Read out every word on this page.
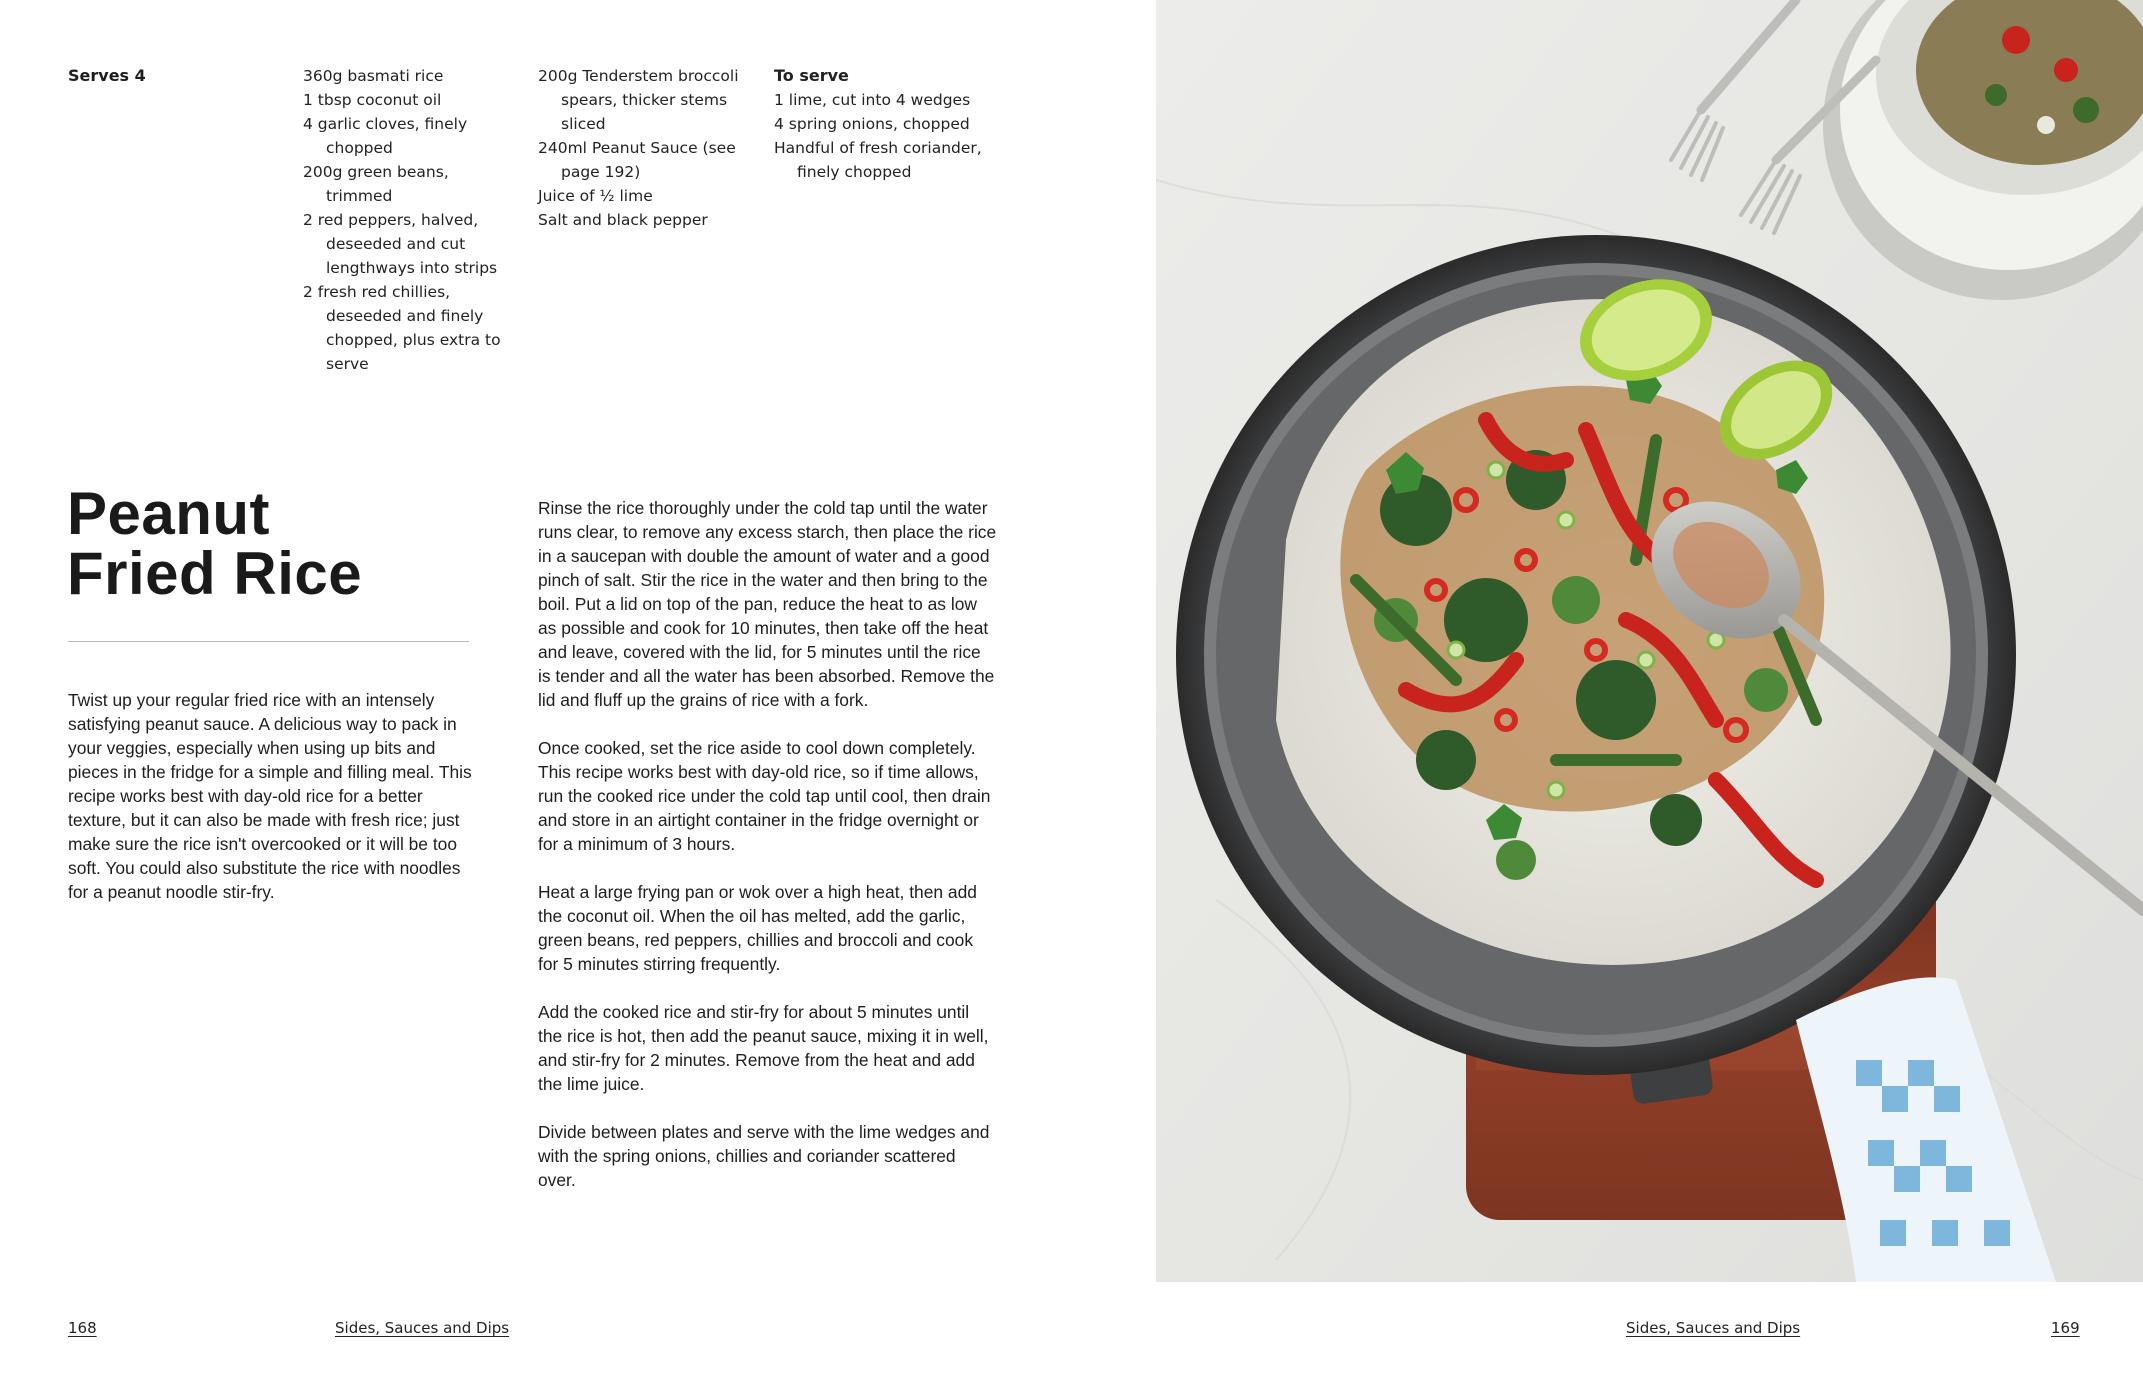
Serves 4	360g basmati rice
1 tbsp coconut oil
4 garlic cloves, finely chopped
200g green beans, trimmed
2 red peppers, halved, deseeded and cut lengthways into strips
2 fresh red chillies, deseeded and finely chopped, plus extra to serve
200g Tenderstem broccoli spears, thicker stems sliced
240ml Peanut Sauce (see page 192)
Juice of ½ lime
Salt and black pepper
To serve
1 lime, cut into 4 wedges
4 spring onions, chopped
Handful of fresh coriander, finely chopped
Peanut
Fried Rice

Twist up your regular fried rice with an intensely satisfying peanut sauce. A delicious way to pack in your veggies, especially when using up bits and pieces in the fridge for a simple and filling meal. This recipe works best with day-old rice for a better texture, but it can also be made with fresh rice; just make sure the rice isn't overcooked or it will be too soft. You could also substitute the rice with noodles for a peanut noodle stir-fry.

Rinse the rice thoroughly under the cold tap until the water runs clear, to remove any excess starch, then place the rice in a saucepan with double the amount of water and a good pinch of salt. Stir the rice in the water and then bring to the boil. Put a lid on top of the pan, reduce the heat to as low as possible and cook for 10 minutes, then take off the heat and leave, covered with the lid, for 5 minutes until the rice is tender and all the water has been absorbed. Remove the lid and fluff up the grains of rice with a fork.

Once cooked, set the rice aside to cool down completely. This recipe works best with day-old rice, so if time allows, run the cooked rice under the cold tap until cool, then drain and store in an airtight container in the fridge overnight or for a minimum of 3 hours.

Heat a large frying pan or wok over a high heat, then add the coconut oil. When the oil has melted, add the garlic, green beans, red peppers, chillies and broccoli and cook for 5 minutes stirring frequently.

Add the cooked rice and stir-fry for about 5 minutes until the rice is hot, then add the peanut sauce, mixing it in well, and stir-fry for 2 minutes. Remove from the heat and add the lime juice.

Divide between plates and serve with the lime wedges and with the spring onions, chillies and coriander scattered over.

168	Sides, Sauces and Dips	Sides, Sauces and Dips	169
